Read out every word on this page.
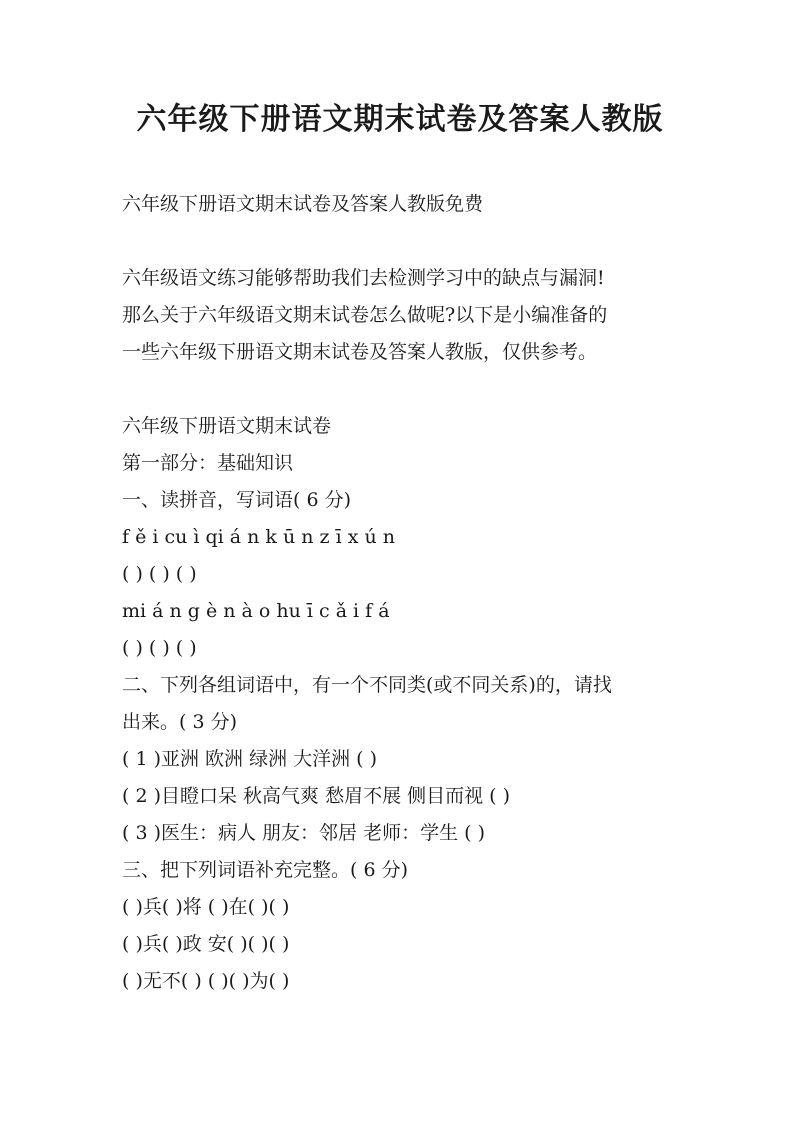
六年级下册语文期末试卷及答案人教版
六年级下册语文期末试卷及答案人教版免费
六年级语文练习能够帮助我们去检测学习中的缺点与漏洞!
那么关于六年级语文期末试卷怎么做呢?以下是小编准备的
一些六年级下册语文期末试卷及答案人教版，仅供参考。
六年级下册语文期末试卷
第一部分：基础知识
一、读拼音，写词语( 6 分)
f ě i cu ì qi á n k ū n z ī x ú n
( ) ( ) ( )
mi á n g è n à o hu ī c ǎ i f á
( ) ( ) ( )
二、下列各组词语中，有一个不同类(或不同关系)的，请找
出来。( 3 分)
( 1 )亚洲 欧洲 绿洲 大洋洲 ( )
( 2 )目瞪口呆 秋高气爽 愁眉不展 侧目而视 ( )
( 3 )医生：病人 朋友：邻居 老师：学生 ( )
三、把下列词语补充完整。( 6 分)
( )兵( )将 ( )在( )( )
( )兵( )政 安( )( )( )
( )无不( ) ( )( )为( )
